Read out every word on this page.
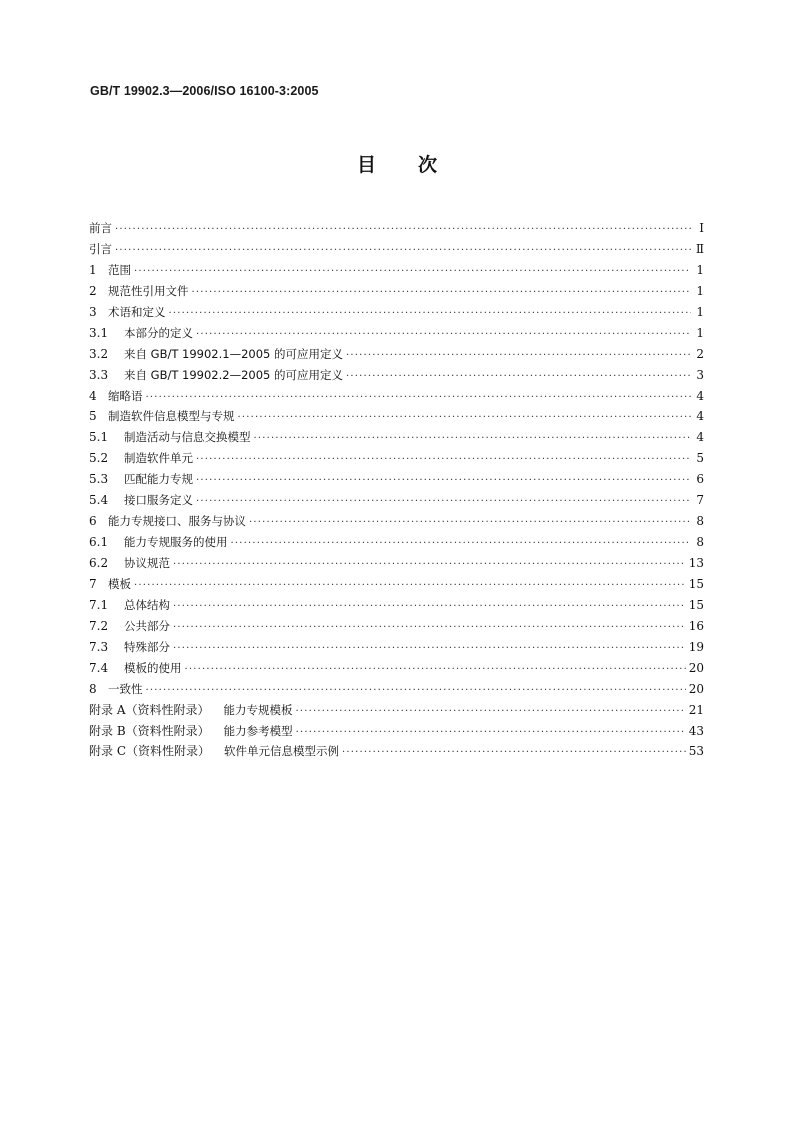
GB/T 19902.3—2006/ISO 16100-3:2005
目 次
前言 ·····	Ⅰ
引言 ·····	Ⅱ
1 范围 ·····	1
2 规范性引用文件 ·····	1
3 术语和定义 ·····	1
3.1	本部分的定义 ·····	1
3.2	来自 GB/T 19902.1—2005 的可应用定义 ·····	2
3.3	来自 GB/T 19902.2—2005 的可应用定义 ·····	3
4 缩略语 ·····	4
5 制造软件信息模型与专规 ·····	4
5.1	制造活动与信息交换模型 ·····	4
5.2	制造软件单元 ·····	5
5.3	匹配能力专规 ·····	6
5.4	接口服务定义 ·····	7
6 能力专规接口、服务与协议 ·····	8
6.1	能力专规服务的使用 ·····	8
6.2	协议规范 ·····	13
7 模板 ·····	15
7.1	总体结构 ·····	15
7.2	公共部分 ·····	16
7.3	特殊部分 ·····	19
7.4	模板的使用 ·····	20
8 一致性 ·····	20
附录 A（资料性附录） 能力专规模板 ·····	21
附录 B（资料性附录） 能力参考模型 ·····	43
附录 C（资料性附录） 软件单元信息模型示例 ·····	53
